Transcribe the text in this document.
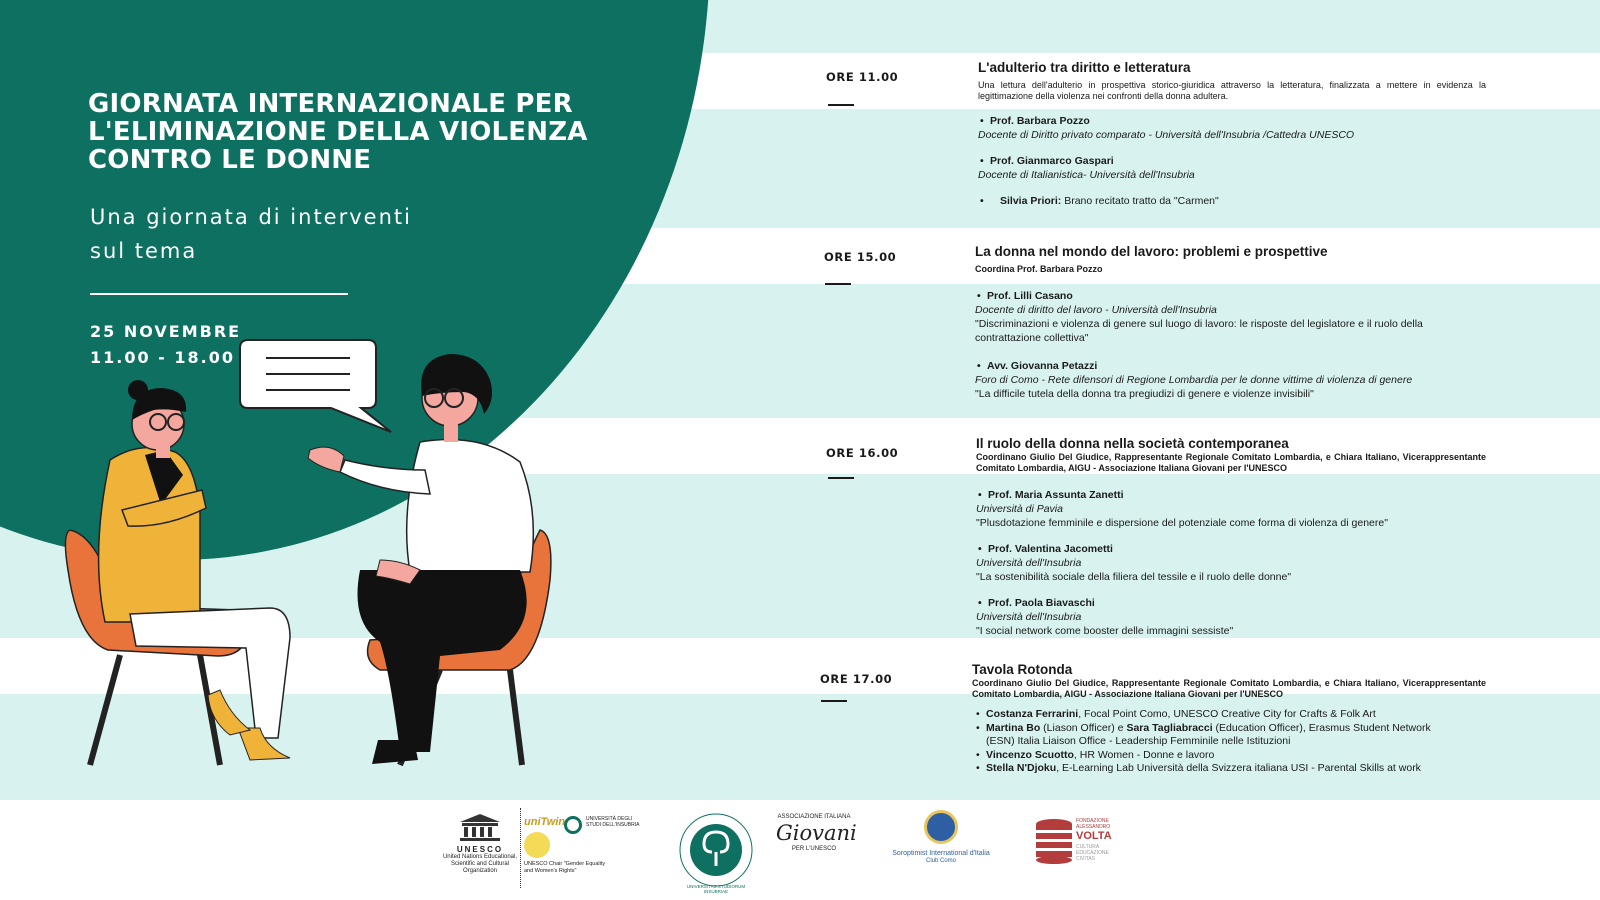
GIORNATA INTERNAZIONALE PER L'ELIMINAZIONE DELLA VIOLENZA CONTRO LE DONNE
Una giornata di interventi sul tema
25 NOVEMBRE
11.00 - 18.00
ORE 11.00
L'adulterio tra diritto e letteratura
Una lettura dell'adulterio in prospettiva storico-giuridica attraverso la letteratura, finalizzata a mettere in evidenza la legittimazione della violenza nei confronti della donna adultera.
• Prof. Barbara Pozzo
Docente di Diritto privato comparato - Università dell'Insubria /Cattedra UNESCO
• Prof. Gianmarco Gaspari
Docente di Italianistica- Università dell'Insubria
• Silvia Priori: Brano recitato tratto da "Carmen"
ORE 15.00	La donna nel mondo del lavoro: problemi e prospettive
Coordina Prof. Barbara Pozzo
• Prof. Lilli Casano
Docente di diritto del lavoro - Università dell'Insubria
"Discriminazioni e violenza di genere sul luogo di lavoro: le risposte del legislatore e il ruolo della contrattazione collettiva"
• Avv. Giovanna Petazzi
Foro di Como - Rete difensori di Regione Lombardia per le donne vittime di violenza di genere
"La difficile tutela della donna tra pregiudizi di genere e violenze invisibili"
ORE 16.00
Il ruolo della donna nella società contemporanea
Coordinano Giulio Del Giudice, Rappresentante Regionale Comitato Lombardia, e Chiara Italiano, Vicerappresentante Comitato Lombardia, AIGU - Associazione Italiana Giovani per l'UNESCO
• Prof. Maria Assunta Zanetti
Università di Pavia
"Plusdotazione femminile e dispersione del potenziale come forma di violenza di genere"
• Prof. Valentina Jacometti
Università dell'Insubria
"La sostenibilità sociale della filiera del tessile e il ruolo delle donne"
• Prof. Paola Biavaschi
Università dell'Insubria
"I social network come booster delle immagini sessiste"
ORE 17.00
Tavola Rotonda
Coordinano Giulio Del Giudice, Rappresentante Regionale Comitato Lombardia, e Chiara Italiano, Vicerappresentante Comitato Lombardia, AIGU - Associazione Italiana Giovani per l'UNESCO
• Costanza Ferrarini, Focal Point Como, UNESCO Creative City for Crafts & Folk Art
• Martina Bo (Liason Officer) e Sara Tagliabracci (Education Officer), Erasmus Student Network (ESN) Italia Liaison Office - Leadership Femminile nelle Istituzioni
• Vincenzo Scuotto, HR Women - Donne e lavoro
• Stella N'Djoku, E-Learning Lab Università della Svizzera italiana USI - Parental Skills at work
UNESCO
United Nations Educational, Scientific and Cultural Organization
uniTwin	UNIVERSITÀ DEGLI STUDI DELL'INSUBRIA
UNESCO Chair "Gender Equality and Women's Rights"
UNIVERSITAS STUDIORUM INSUBRIAE
ASSOCIAZIONE ITALIANA
Giovani
PER L'UNESCO
Soroptimist International d'Italia
Club Como
FONDAZIONE ALESSANDRO
VOLTA
CULTURA EDUCAZIONE CIVITAS
